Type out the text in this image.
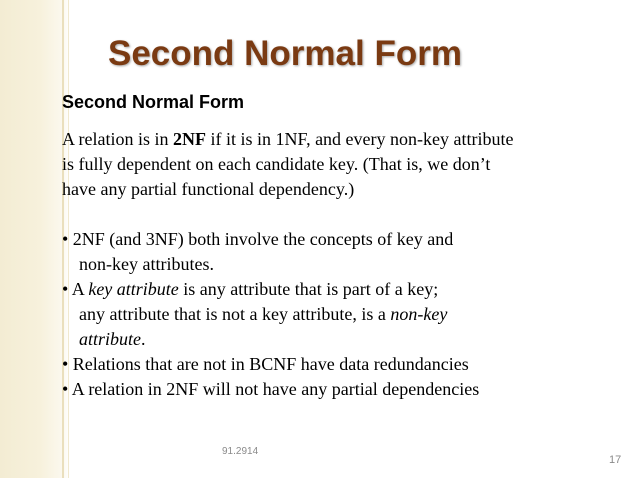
Second Normal Form
Second Normal Form

A relation is in 2NF if it is in 1NF, and every non-key attribute

is fully dependent on each candidate key. (That is, we don’t

have any partial functional dependency.)

• 2NF (and 3NF) both involve the concepts of key and

non-key attributes.

• A key attribute is any attribute that is part of a key;

any attribute that is not a key attribute, is a non-key

attribute.

• Relations that are not in BCNF have data redundancies

• A relation in 2NF will not have any partial dependencies

91.2914
17
